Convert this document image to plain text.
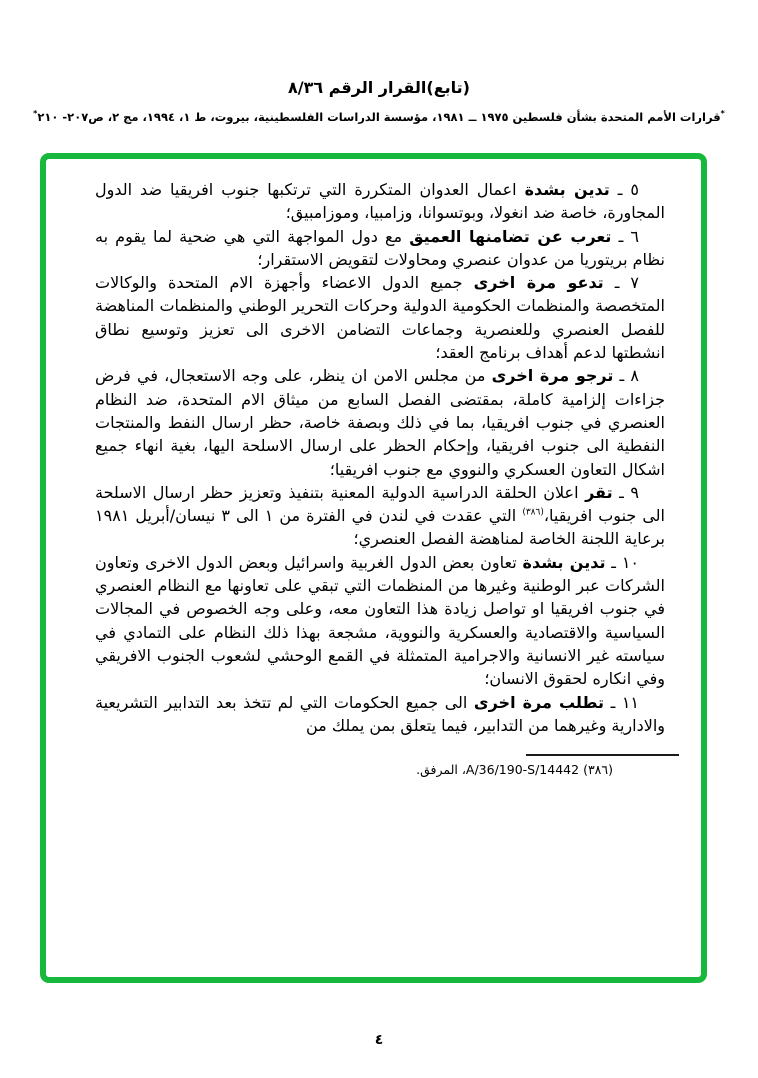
(تابع)القرار الرقم ٨/٣٦
*قرارات الأمم المتحدة بشأن فلسطين ١٩٧٥ ــ ١٩٨١، مؤسسة الدراسات الفلسطينية، بيروت، ط ١، ١٩٩٤، مج ٢، ص٢٠٧- ٢١٠*

٥ ـ تدين بشدة اعمال العدوان المتكررة التي ترتكبها جنوب افريقيا ضد الدول المجاورة، خاصة ضد انغولا، وبوتسوانا، وزامبيا، وموزامبيق؛

٦ ـ تعرب عن تضامنها العميق مع دول المواجهة التي هي ضحية لما يقوم به نظام بريتوريا من عدوان عنصري ومحاولات لتقويض الاستقرار؛

٧ ـ تدعو مرة اخرى جميع الدول الاعضاء وأجهزة الام المتحدة والوكالات المتخصصة والمنظمات الحكومية الدولية وحركات التحرير الوطني والمنظمات المناهضة للفصل العنصري وللعنصرية وجماعات التضامن الاخرى الى تعزيز وتوسيع نطاق انشطتها لدعم أهداف برنامج العقد؛

٨ ـ ترجو مرة اخرى من مجلس الامن ان ينظر، على وجه الاستعجال، في فرض جزاءات إلزامية كاملة، بمقتضى الفصل السابع من ميثاق الام المتحدة، ضد النظام العنصري في جنوب افريقيا، بما في ذلك وبصفة خاصة، حظر ارسال النفط والمنتجات النفطية الى جنوب افريقيا، وإحكام الحظر على ارسال الاسلحة اليها، بغية انهاء جميع اشكال التعاون العسكري والنووي مع جنوب افريقيا؛

٩ ـ تقر اعلان الحلقة الدراسية الدولية المعنية بتنفيذ وتعزيز حظر ارسال الاسلحة الى جنوب افريقيا،$^{(٣٨٦)}$ التي عقدت في لندن في الفترة من ١ الى ٣ نيسان/أبريل ١٩٨١ برعاية اللجنة الخاصة لمناهضة الفصل العنصري؛

١٠ ـ تدين بشدة تعاون بعض الدول الغربية واسرائيل وبعض الدول الاخرى وتعاون الشركات عبر الوطنية وغيرها من المنظمات التي تبقي على تعاونها مع النظام العنصري في جنوب افريقيا او تواصل زيادة هذا التعاون معه، وعلى وجه الخصوص في المجالات السياسية والاقتصادية والعسكرية والنووية، مشجعة بهذا ذلك النظام على التمادي في سياسته غير الانسانية والاجرامية المتمثلة في القمع الوحشي لشعوب الجنوب الافريقي وفي انكاره لحقوق الانسان؛

١١ ـ تطلب مرة اخرى الى جميع الحكومات التي لم تتخذ بعد التدابير التشريعية والادارية وغيرهما من التدابير، فيما يتعلق بمن يملك من

(٣٨٦) A/36/190-S/14442، المرفق.
٤
